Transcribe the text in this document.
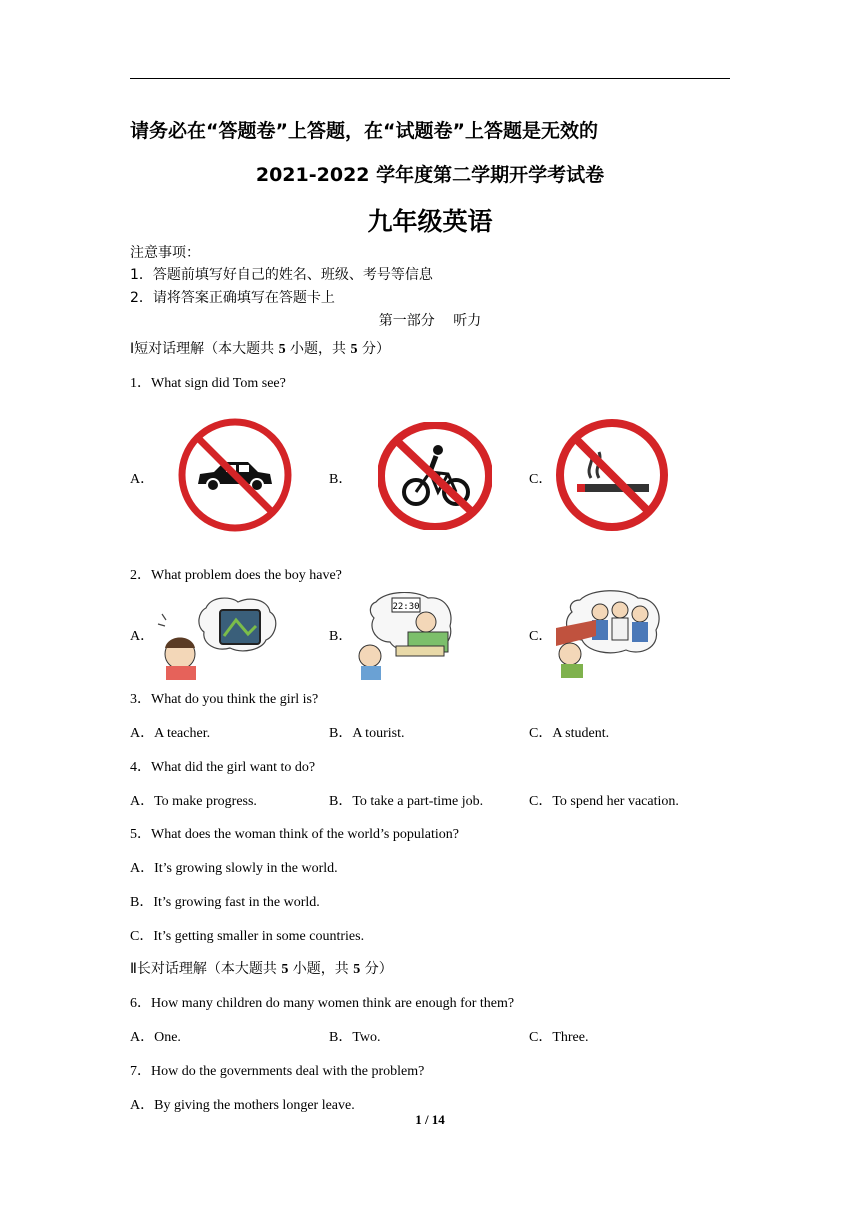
请务必在“答题卷”上答题，在“试题卷”上答题是无效的
2021-2022 学年度第二学期开学考试卷
九年级英语
注意事项：
1．答题前填写好自己的姓名、班级、考号等信息
2．请将答案正确填写在答题卡上
第一部分　 听力
Ⅰ短对话理解（本大题共 5 小题，共 5 分）
1．What sign did Tom see?
A．	B．	C．
2．What problem does the boy have?
A．	B．	C．
22:30
3．What do you think the girl is?
A．A teacher.	B．A tourist.	C．A student.
4．What did the girl want to do?
A．To make progress.	B．To take a part-time job.	C．To spend her vacation.
5．What does the woman think of the world’s population?
A．It’s growing slowly in the world.
B．It’s growing fast in the world.
C．It’s getting smaller in some countries.
Ⅱ长对话理解（本大题共 5 小题，共 5 分）
6．How many children do many women think are enough for them?
A．One.	B．Two.	C．Three.
7．How do the governments deal with the problem?
A．By giving the mothers longer leave.
1 / 14
